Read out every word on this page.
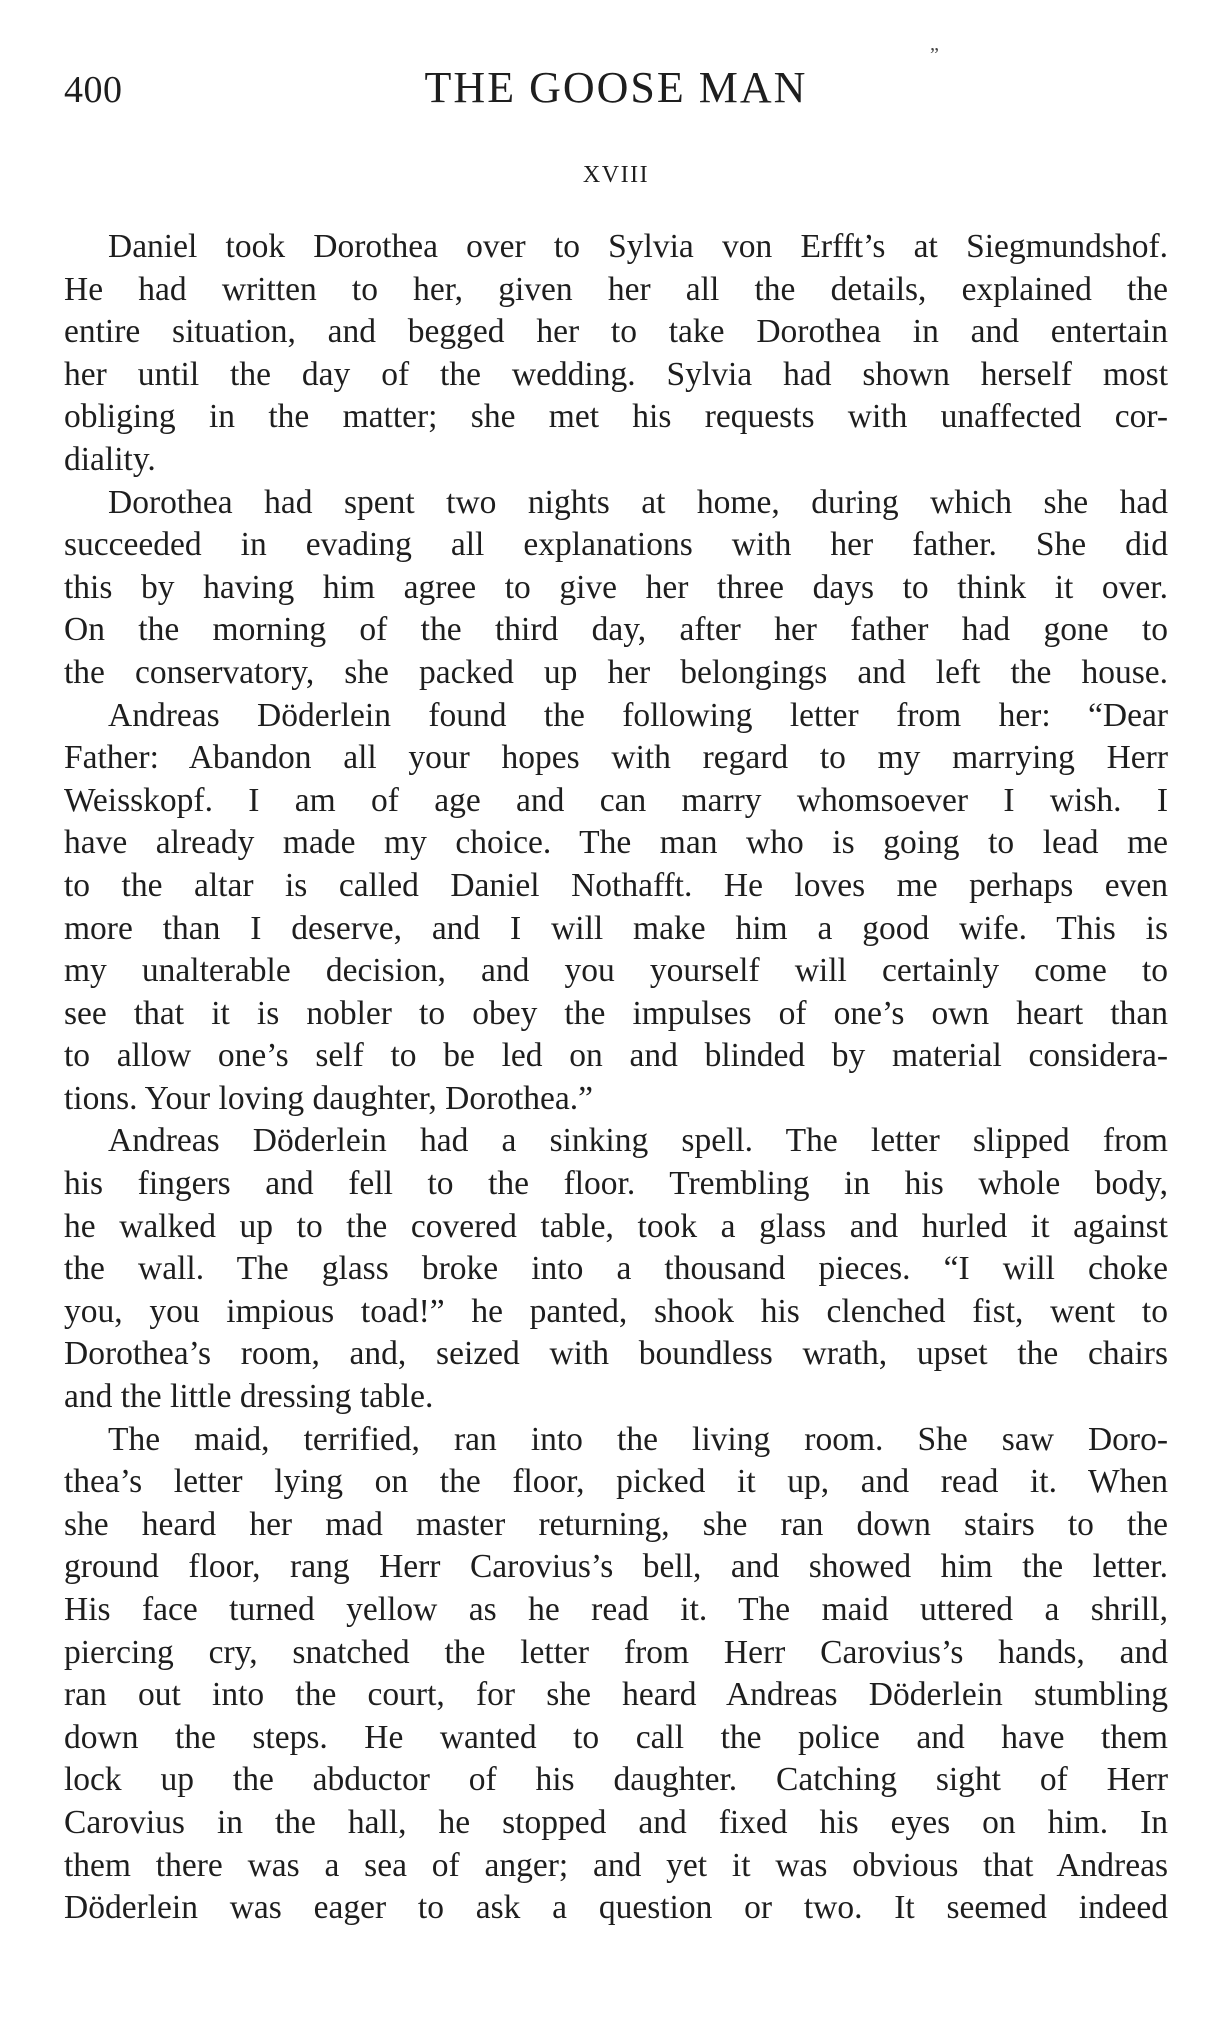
400	THE GOOSE MAN
XVIII
Daniel took Dorothea over to Sylvia von Erfft’s at Siegmundshof.
He had written to her, given her all the details, explained the
entire situation, and begged her to take Dorothea in and entertain
her until the day of the wedding. Sylvia had shown herself most
obliging in the matter; she met his requests with unaffected cor-
diality.
Dorothea had spent two nights at home, during which she had
succeeded in evading all explanations with her father. She did
this by having him agree to give her three days to think it over.
On the morning of the third day, after her father had gone to
the conservatory, she packed up her belongings and left the house.
Andreas Döderlein found the following letter from her: “Dear
Father: Abandon all your hopes with regard to my marrying Herr
Weisskopf. I am of age and can marry whomsoever I wish. I
have already made my choice. The man who is going to lead me
to the altar is called Daniel Nothafft. He loves me perhaps even
more than I deserve, and I will make him a good wife. This is
my unalterable decision, and you yourself will certainly come to
see that it is nobler to obey the impulses of one’s own heart than
to allow one’s self to be led on and blinded by material considera-
tions. Your loving daughter, Dorothea.”
Andreas Döderlein had a sinking spell. The letter slipped from
his fingers and fell to the floor. Trembling in his whole body,
he walked up to the covered table, took a glass and hurled it against
the wall. The glass broke into a thousand pieces. “I will choke
you, you impious toad!” he panted, shook his clenched fist, went to
Dorothea’s room, and, seized with boundless wrath, upset the chairs
and the little dressing table.
The maid, terrified, ran into the living room. She saw Doro-
thea’s letter lying on the floor, picked it up, and read it. When
she heard her mad master returning, she ran down stairs to the
ground floor, rang Herr Carovius’s bell, and showed him the letter.
His face turned yellow as he read it. The maid uttered a shrill,
piercing cry, snatched the letter from Herr Carovius’s hands, and
ran out into the court, for she heard Andreas Döderlein stumbling
down the steps. He wanted to call the police and have them
lock up the abductor of his daughter. Catching sight of Herr
Carovius in the hall, he stopped and fixed his eyes on him. In
them there was a sea of anger; and yet it was obvious that Andreas
Döderlein was eager to ask a question or two. It seemed indeed
”
